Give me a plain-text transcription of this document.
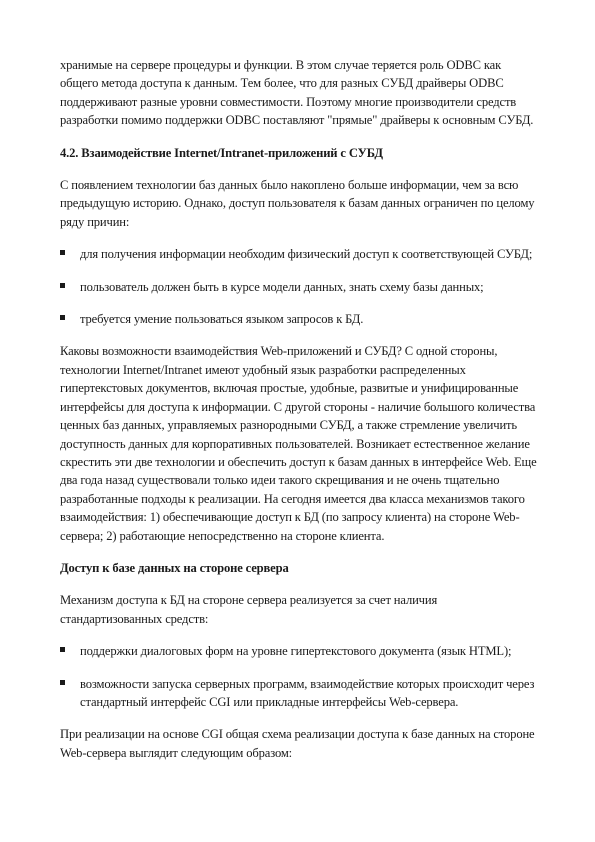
хранимые на сервере процедуры и функции. В этом случае теряется роль ODBC как общего метода доступа к данным. Тем более, что для разных СУБД драйверы ODBC поддерживают разные уровни совместимости. Поэтому многие производители средств разработки помимо поддержки ODBC поставляют "прямые" драйверы к основным СУБД.

4.2. Взаимодействие Internet/Intranet-приложений с СУБД

С появлением технологии баз данных было накоплено больше информации, чем за всю предыдущую историю. Однако, доступ пользователя к базам данных ограничен по целому ряду причин:

для получения информации необходим физический доступ к соответствующей СУБД;
пользователь должен быть в курсе модели данных, знать схему базы данных;
требуется умение пользоваться языком запросов к БД.

Каковы возможности взаимодействия Web-приложений и СУБД? С одной стороны, технологии Internet/Intranet имеют удобный язык разработки распределенных гипертекстовых документов, включая простые, удобные, развитые и унифицированные интерфейсы для доступа к информации. С другой стороны - наличие большого количества ценных баз данных, управляемых разнородными СУБД, а также стремление увеличить доступность данных для корпоративных пользователей. Возникает естественное желание скрестить эти две технологии и обеспечить доступ к базам данных в интерфейсе Web. Еще два года назад существовали только идеи такого скрещивания и не очень тщательно разработанные подходы к реализации. На сегодня имеется два класса механизмов такого взаимодействия: 1) обеспечивающие доступ к БД (по запросу клиента) на стороне Web-сервера; 2) работающие непосредственно на стороне клиента.

Доступ к базе данных на стороне сервера

Механизм доступа к БД на стороне сервера реализуется за счет наличия стандартизованных средств:

поддержки диалоговых форм на уровне гипертекстового документа (язык HTML);
возможности запуска серверных программ, взаимодействие которых происходит через стандартный интерфейс CGI или прикладные интерфейсы Web-сервера.

При реализации на основе CGI общая схема реализации доступа к базе данных на стороне Web-сервера выглядит следующим образом:
